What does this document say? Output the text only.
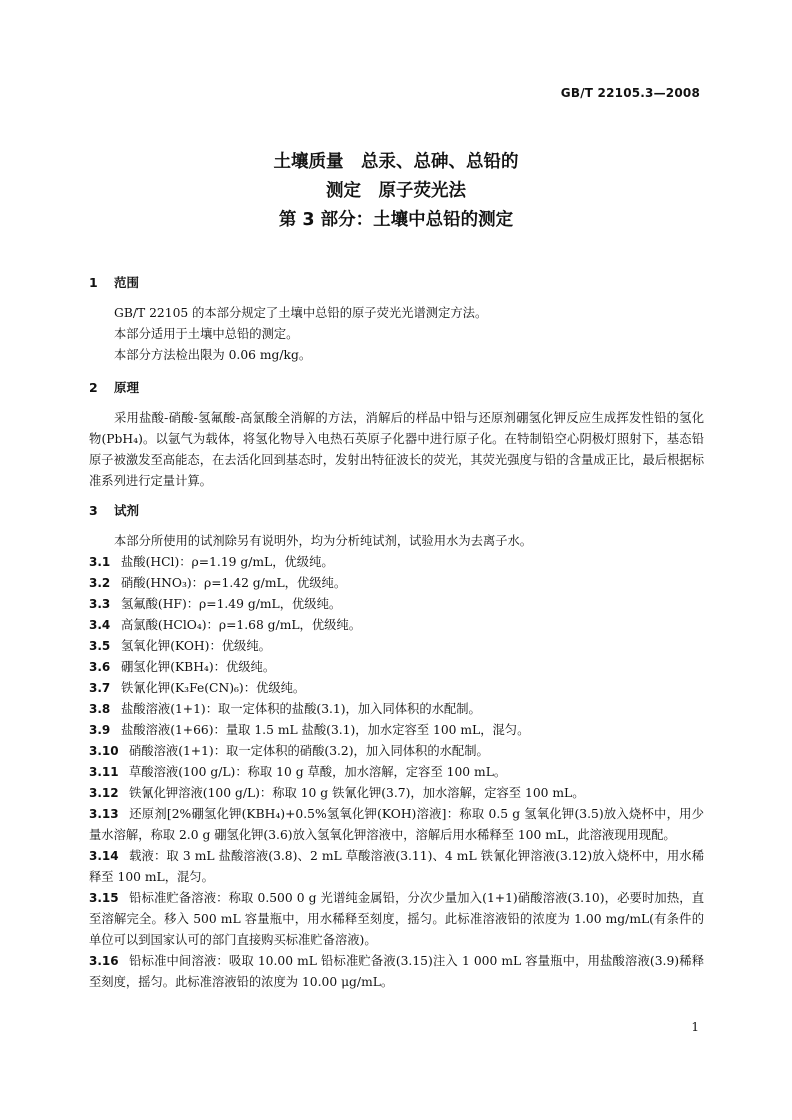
GB/T 22105.3—2008
土壤质量　总汞、总砷、总铅的
测定　原子荧光法
第 3 部分：土壤中总铅的测定
1 范围

GB/T 22105 的本部分规定了土壤中总铅的原子荧光光谱测定方法。

本部分适用于土壤中总铅的测定。

本部分方法检出限为 0.06 mg/kg。

2 原理

采用盐酸-硝酸-氢氟酸-高氯酸全消解的方法，消解后的样品中铅与还原剂硼氢化钾反应生成挥发性铅的氢化物(PbH₄)。以氩气为载体，将氢化物导入电热石英原子化器中进行原子化。在特制铅空心阴极灯照射下，基态铅原子被激发至高能态，在去活化回到基态时，发射出特征波长的荧光，其荧光强度与铅的含量成正比，最后根据标准系列进行定量计算。

3 试剂

本部分所使用的试剂除另有说明外，均为分析纯试剂，试验用水为去离子水。

3.1 盐酸(HCl)：ρ=1.19 g/mL，优级纯。

3.2 硝酸(HNO₃)：ρ=1.42 g/mL，优级纯。

3.3 氢氟酸(HF)：ρ=1.49 g/mL，优级纯。

3.4 高氯酸(HClO₄)：ρ=1.68 g/mL，优级纯。

3.5 氢氧化钾(KOH)：优级纯。

3.6 硼氢化钾(KBH₄)：优级纯。

3.7 铁氰化钾(K₃Fe(CN)₆)：优级纯。

3.8 盐酸溶液(1+1)：取一定体积的盐酸(3.1)，加入同体积的水配制。

3.9 盐酸溶液(1+66)：量取 1.5 mL 盐酸(3.1)，加水定容至 100 mL，混匀。

3.10 硝酸溶液(1+1)：取一定体积的硝酸(3.2)，加入同体积的水配制。

3.11 草酸溶液(100 g/L)：称取 10 g 草酸，加水溶解，定容至 100 mL。

3.12 铁氰化钾溶液(100 g/L)：称取 10 g 铁氰化钾(3.7)，加水溶解，定容至 100 mL。

3.13 还原剂[2%硼氢化钾(KBH₄)+0.5%氢氧化钾(KOH)溶液]：称取 0.5 g 氢氧化钾(3.5)放入烧杯中，用少量水溶解，称取 2.0 g 硼氢化钾(3.6)放入氢氧化钾溶液中，溶解后用水稀释至 100 mL，此溶液现用现配。

3.14 载液：取 3 mL 盐酸溶液(3.8)、2 mL 草酸溶液(3.11)、4 mL 铁氰化钾溶液(3.12)放入烧杯中，用水稀释至 100 mL，混匀。

3.15 铅标准贮备溶液：称取 0.500 0 g 光谱纯金属铅，分次少量加入(1+1)硝酸溶液(3.10)，必要时加热，直至溶解完全。移入 500 mL 容量瓶中，用水稀释至刻度，摇匀。此标准溶液铅的浓度为 1.00 mg/mL(有条件的单位可以到国家认可的部门直接购买标准贮备溶液)。

3.16 铅标准中间溶液：吸取 10.00 mL 铅标准贮备液(3.15)注入 1 000 mL 容量瓶中，用盐酸溶液(3.9)稀释至刻度，摇匀。此标准溶液铅的浓度为 10.00 μg/mL。

1
